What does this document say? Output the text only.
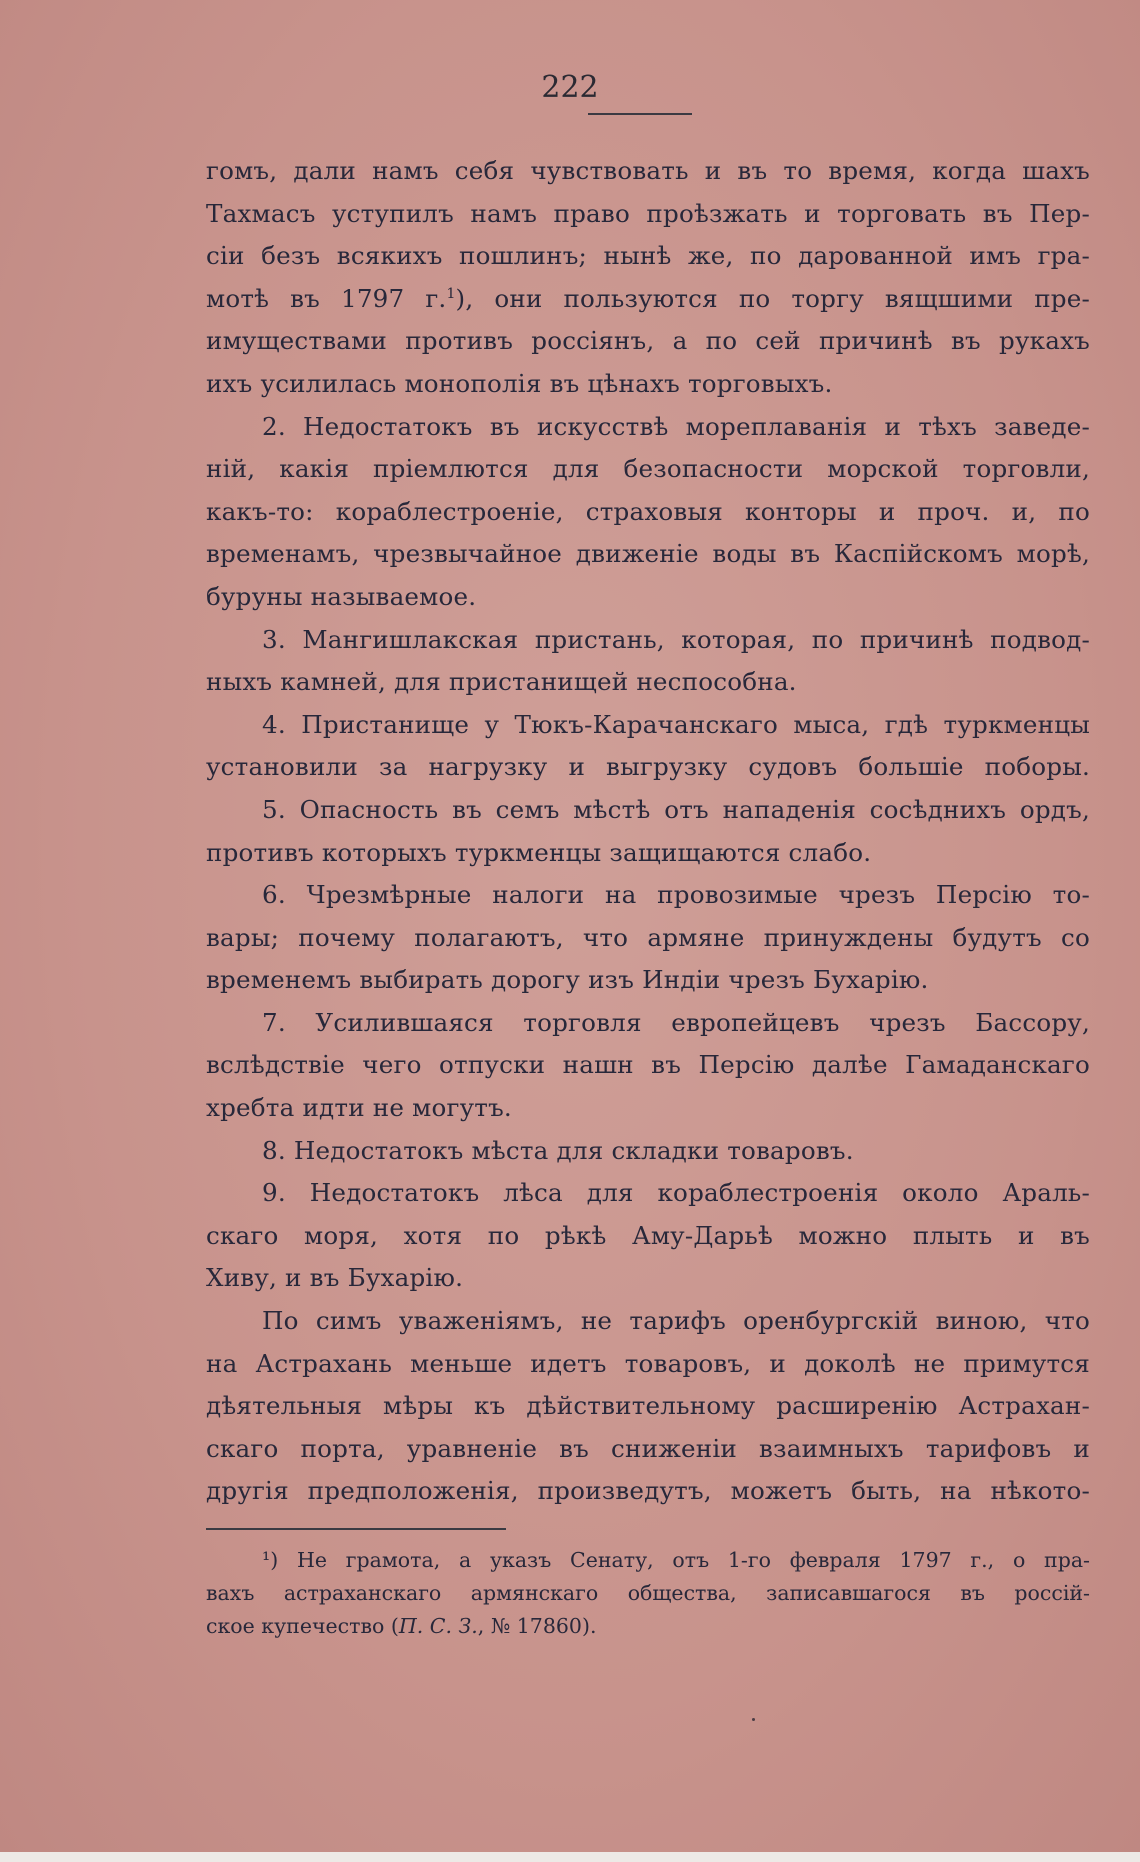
222
гомъ, дали намъ себя чувствовать и въ то время, когда шахъ
Тахмасъ уступилъ намъ право проѣзжать и торговать въ Пер-
сіи безъ всякихъ пошлинъ; нынѣ же, по дарованной имъ гра-
мотѣ въ 1797 г.$^1$), они пользуются по торгу вящшими пре-
имуществами противъ россіянъ, а по сей причинѣ въ рукахъ
ихъ усилилась монополія въ цѣнахъ торговыхъ.
2. Недостатокъ въ искусствѣ мореплаванія и тѣхъ заведе-
ній, какія пріемлются для безопасности морской торговли,
какъ-то: кораблестроеніе, страховыя конторы и проч. и, по
временамъ, чрезвычайное движеніе воды въ Каспійскомъ морѣ,
буруны называемое.
3. Мангишлакская пристань, которая, по причинѣ подвод-
ныхъ камней, для пристанищей неспособна.
4. Пристанище у Тюкъ-Карачанскаго мыса, гдѣ туркменцы
установили за нагрузку и выгрузку судовъ большіе поборы.
5. Опасность въ семъ мѣстѣ отъ нападенія сосѣднихъ ордъ,
противъ которыхъ туркменцы защищаются слабо.
6. Чрезмѣрные налоги на провозимые чрезъ Персію то-
вары; почему полагаютъ, что армяне принуждены будутъ со
временемъ выбирать дорогу изъ Индіи чрезъ Бухарію.
7. Усилившаяся торговля европейцевъ чрезъ Бассору,
вслѣдствіе чего отпуски нашн въ Персію далѣе Гамаданскаго
хребта идти не могутъ.
8. Недостатокъ мѣста для складки товаровъ.
9. Недостатокъ лѣса для кораблестроенія около Араль-
скаго моря, хотя по рѣкѣ Аму-Дарьѣ можно плыть и въ
Хиву, и въ Бухарію.
По симъ уваженіямъ, не тарифъ оренбургскій виною, что
на Астрахань меньше идетъ товаровъ, и доколѣ не примутся
дѣятельныя мѣры къ дѣйствительному расширенію Астрахан-
скаго порта, уравненіе въ сниженіи взаимныхъ тарифовъ и
другія предположенія, произведутъ, можетъ быть, на нѣкото-
¹) Не грамота, а указъ Сенату, отъ 1-го февраля 1797 г., о пра-
вахъ астраханскаго армянскаго общества, записавшагося въ россій-
ское купечество (П. С. З., № 17860).
